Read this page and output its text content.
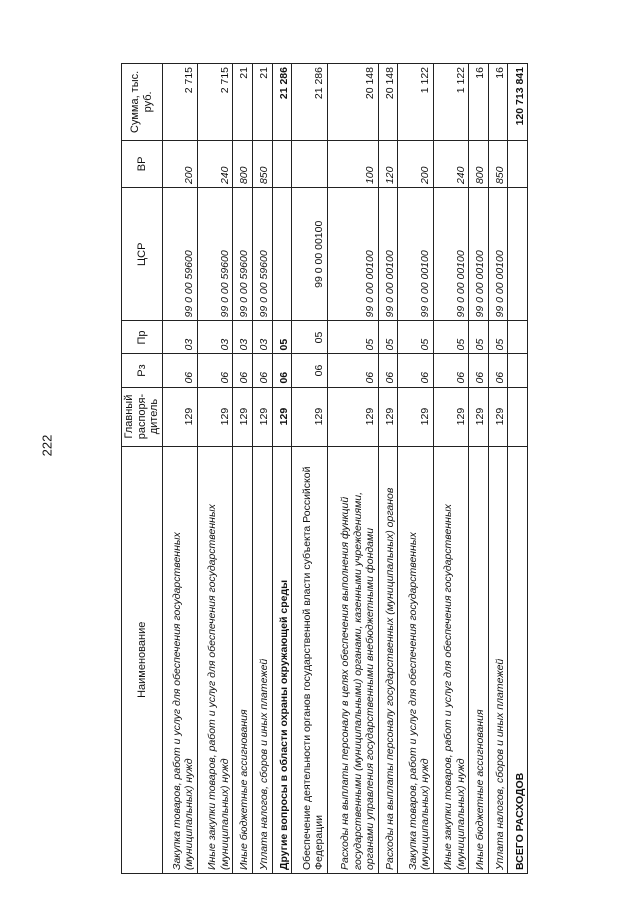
222
Наименование	Главный распоря-дитель	Рз	Пр	ЦСР	ВР	Сумма, тыс. руб.
Закупка товаров, работ и услуг для обеспечения государственных (муниципальных) нужд	129	06	03	99 0 00 59600	200	2 715
Иные закупки товаров, работ и услуг для обеспечения государственных (муниципальных) нужд	129	06	03	99 0 00 59600	240	2 715
Иные бюджетные ассигнования	129	06	03	99 0 00 59600	800	21
Уплата налогов, сборов и иных платежей	129	06	03	99 0 00 59600	850	21
Другие вопросы в области охраны окружающей среды	129	06	05			21 286
Обеспечение деятельности органов государственной власти субъекта Российской Федерации	129	06	05	99 0 00 00100		21 286
Расходы на выплаты персоналу в целях обеспечения выполнения функций государственными (муниципальными) органами, казенными учреждениями, органами управления государственными внебюджетными фондами	129	06	05	99 0 00 00100	100	20 148
Расходы на выплаты персоналу государственных (муниципальных) органов	129	06	05	99 0 00 00100	120	20 148
Закупка товаров, работ и услуг для обеспечения государственных (муниципальных) нужд	129	06	05	99 0 00 00100	200	1 122
Иные закупки товаров, работ и услуг для обеспечения государственных (муниципальных) нужд	129	06	05	99 0 00 00100	240	1 122
Иные бюджетные ассигнования	129	06	05	99 0 00 00100	800	16
Уплата налогов, сборов и иных платежей	129	06	05	99 0 00 00100	850	16
ВСЕГО РАСХОДОВ						120 713 841
